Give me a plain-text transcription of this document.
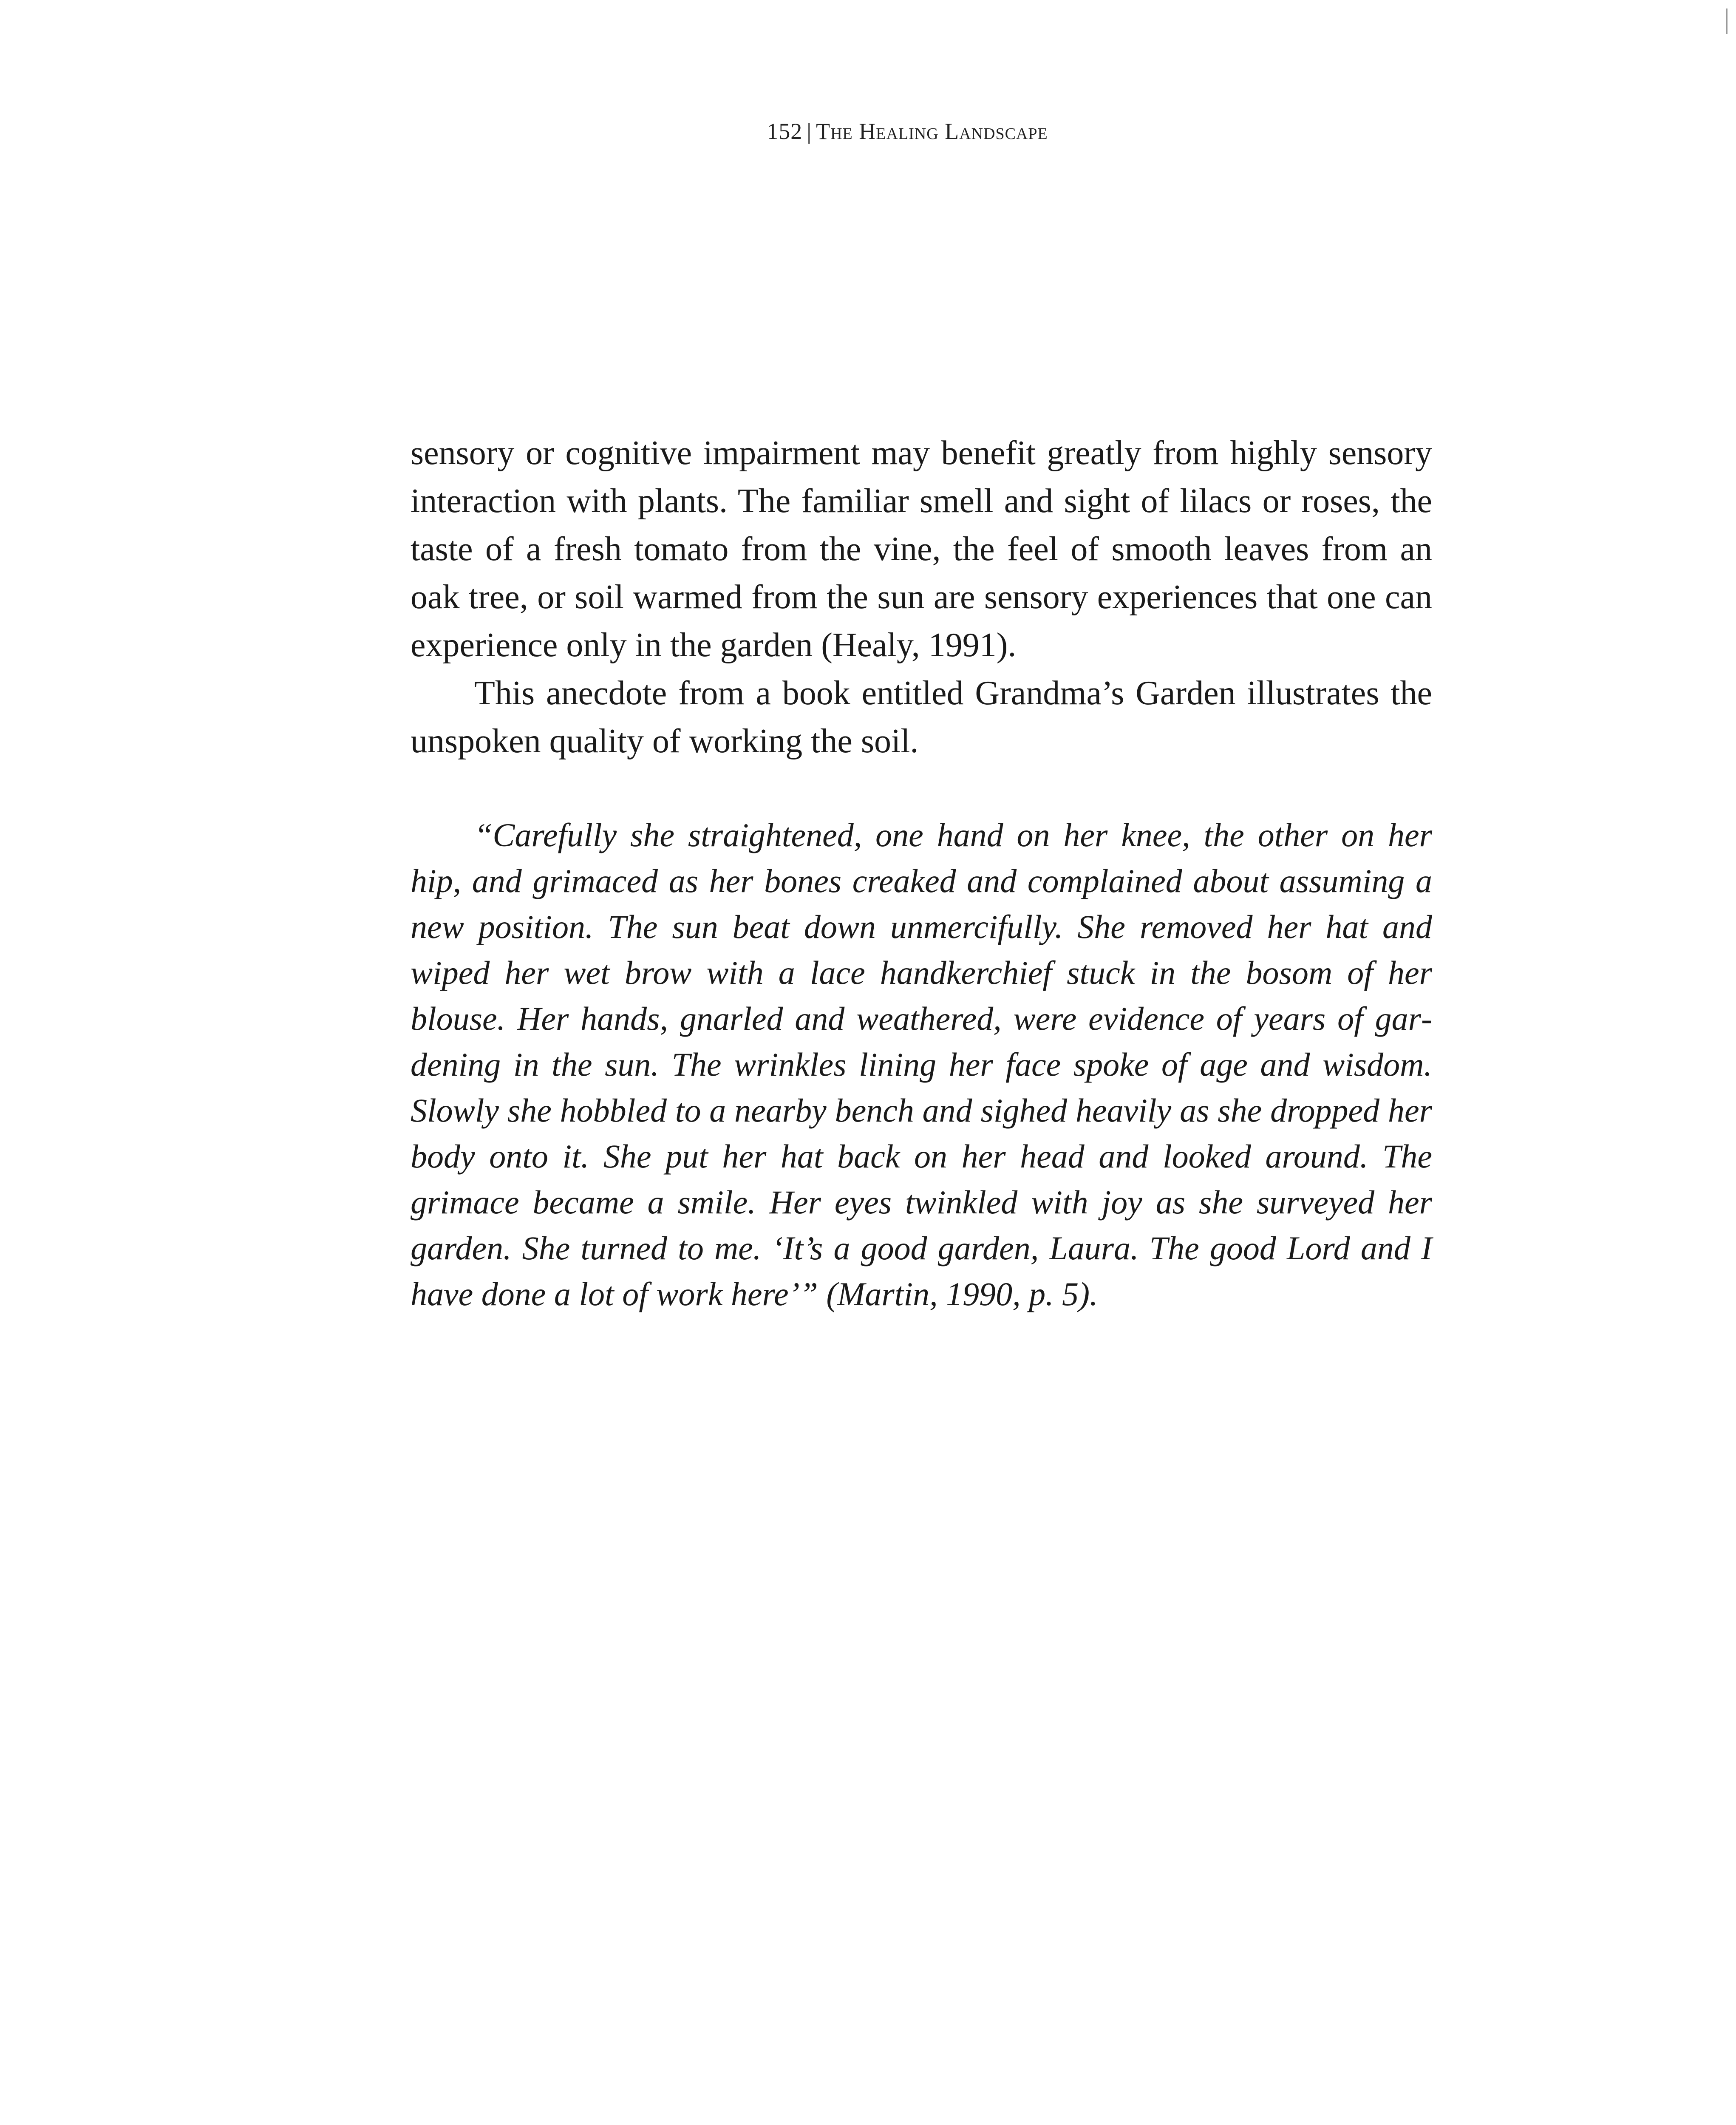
152 | The Healing Landscape

sensory or cognitive impairment may benefit greatly from highly sensory interaction with plants. The familiar smell and sight of lilacs or roses, the taste of a fresh tomato from the vine, the feel of smooth leaves from an oak tree, or soil warmed from the sun are sensory experiences that one can experience only in the garden (Healy, 1991).

This anecdote from a book entitled Grandma’s Garden illustrates the unspoken quality of working the soil.

“Carefully she straightened, one hand on her knee, the other on her hip, and grimaced as her bones creaked and complained about assuming a new position. The sun beat down unmercifully. She removed her hat and wiped her wet brow with a lace handkerchief stuck in the bosom of her blouse. Her hands, gnarled and weathered, were evidence of years of gardening in the sun. The wrinkles lining her face spoke of age and wisdom. Slowly she hobbled to a nearby bench and sighed heavily as she dropped her body onto it. She put her hat back on her head and looked around. The grimace became a smile. Her eyes twinkled with joy as she surveyed her garden. She turned to me. ‘It’s a good garden, Laura. The good Lord and I have done a lot of work here’” (Martin, 1990, p. 5).
